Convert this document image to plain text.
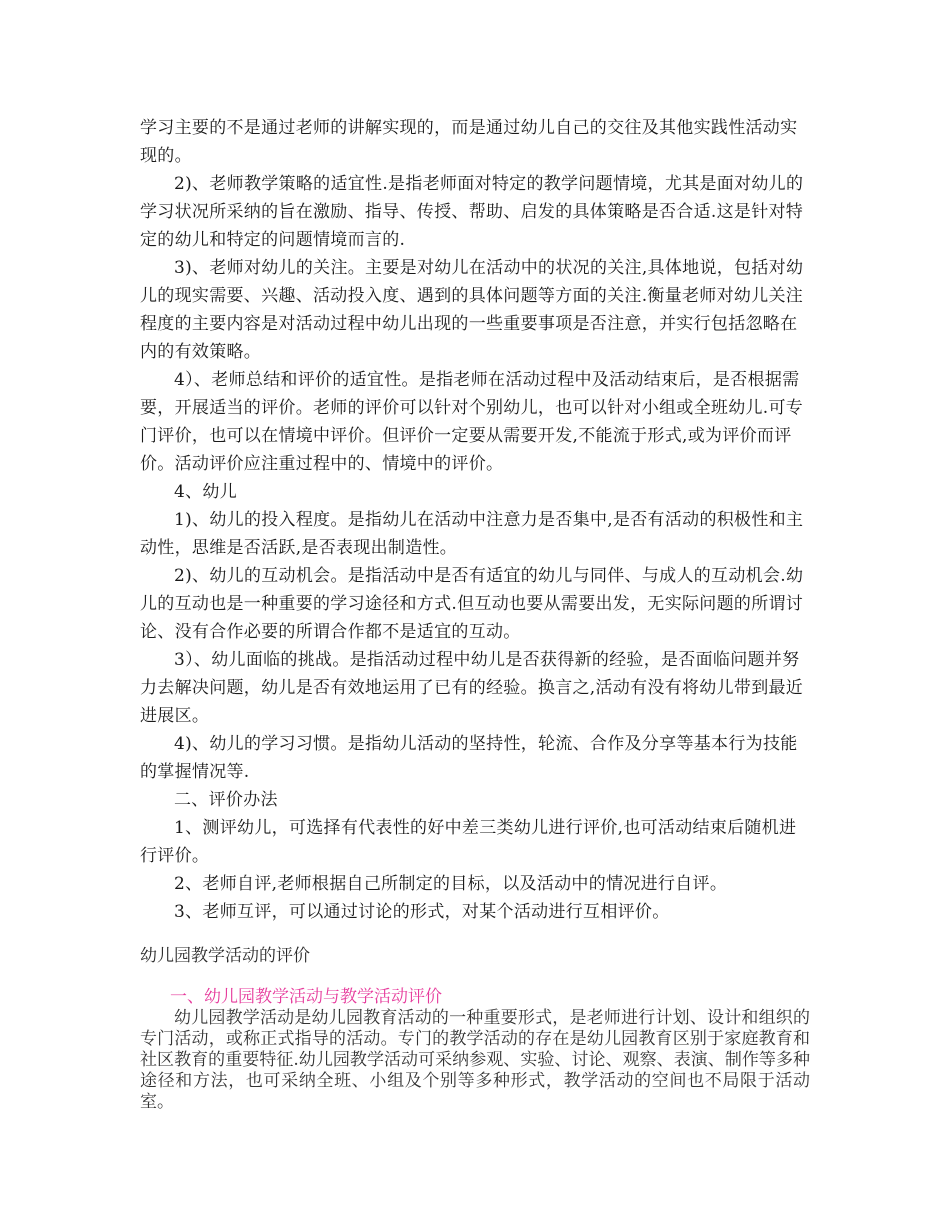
学习主要的不是通过老师的讲解实现的，而是通过幼儿自己的交往及其他实践性活动实现的。

2)、老师教学策略的适宜性.是指老师面对特定的教学问题情境，尤其是面对幼儿的学习状况所采纳的旨在激励、指导、传授、帮助、启发的具体策略是否合适.这是针对特定的幼儿和特定的问题情境而言的.

3)、老师对幼儿的关注。主要是对幼儿在活动中的状况的关注,具体地说，包括对幼儿的现实需要、兴趣、活动投入度、遇到的具体问题等方面的关注.衡量老师对幼儿关注程度的主要内容是对活动过程中幼儿出现的一些重要事项是否注意，并实行包括忽略在内的有效策略。

4）、老师总结和评价的适宜性。是指老师在活动过程中及活动结束后，是否根据需要，开展适当的评价。老师的评价可以针对个别幼儿，也可以针对小组或全班幼儿.可专门评价，也可以在情境中评价。但评价一定要从需要开发,不能流于形式,或为评价而评价。活动评价应注重过程中的、情境中的评价。

4、幼儿

1)、幼儿的投入程度。是指幼儿在活动中注意力是否集中,是否有活动的积极性和主动性，思维是否活跃,是否表现出制造性。

2)、幼儿的互动机会。是指活动中是否有适宜的幼儿与同伴、与成人的互动机会.幼儿的互动也是一种重要的学习途径和方式.但互动也要从需要出发，无实际问题的所谓讨论、没有合作必要的所谓合作都不是适宜的互动。

3）、幼儿面临的挑战。是指活动过程中幼儿是否获得新的经验，是否面临问题并努力去解决问题，幼儿是否有效地运用了已有的经验。换言之,活动有没有将幼儿带到最近进展区。

4)、幼儿的学习习惯。是指幼儿活动的坚持性，轮流、合作及分享等基本行为技能的掌握情况等.

二、评价办法

1、测评幼儿，可选择有代表性的好中差三类幼儿进行评价,也可活动结束后随机进行评价。

2、老师自评,老师根据自己所制定的目标，以及活动中的情况进行自评。

3、老师互评，可以通过讨论的形式，对某个活动进行互相评价。

幼儿园教学活动的评价
一、幼儿园教学活动与教学活动评价

幼儿园教学活动是幼儿园教育活动的一种重要形式，是老师进行计划、设计和组织的专门活动，或称正式指导的活动。专门的教学活动的存在是幼儿园教育区别于家庭教育和社区教育的重要特征.幼儿园教学活动可采纳参观、实验、讨论、观察、表演、制作等多种途径和方法，也可采纳全班、小组及个别等多种形式，教学活动的空间也不局限于活动室。
